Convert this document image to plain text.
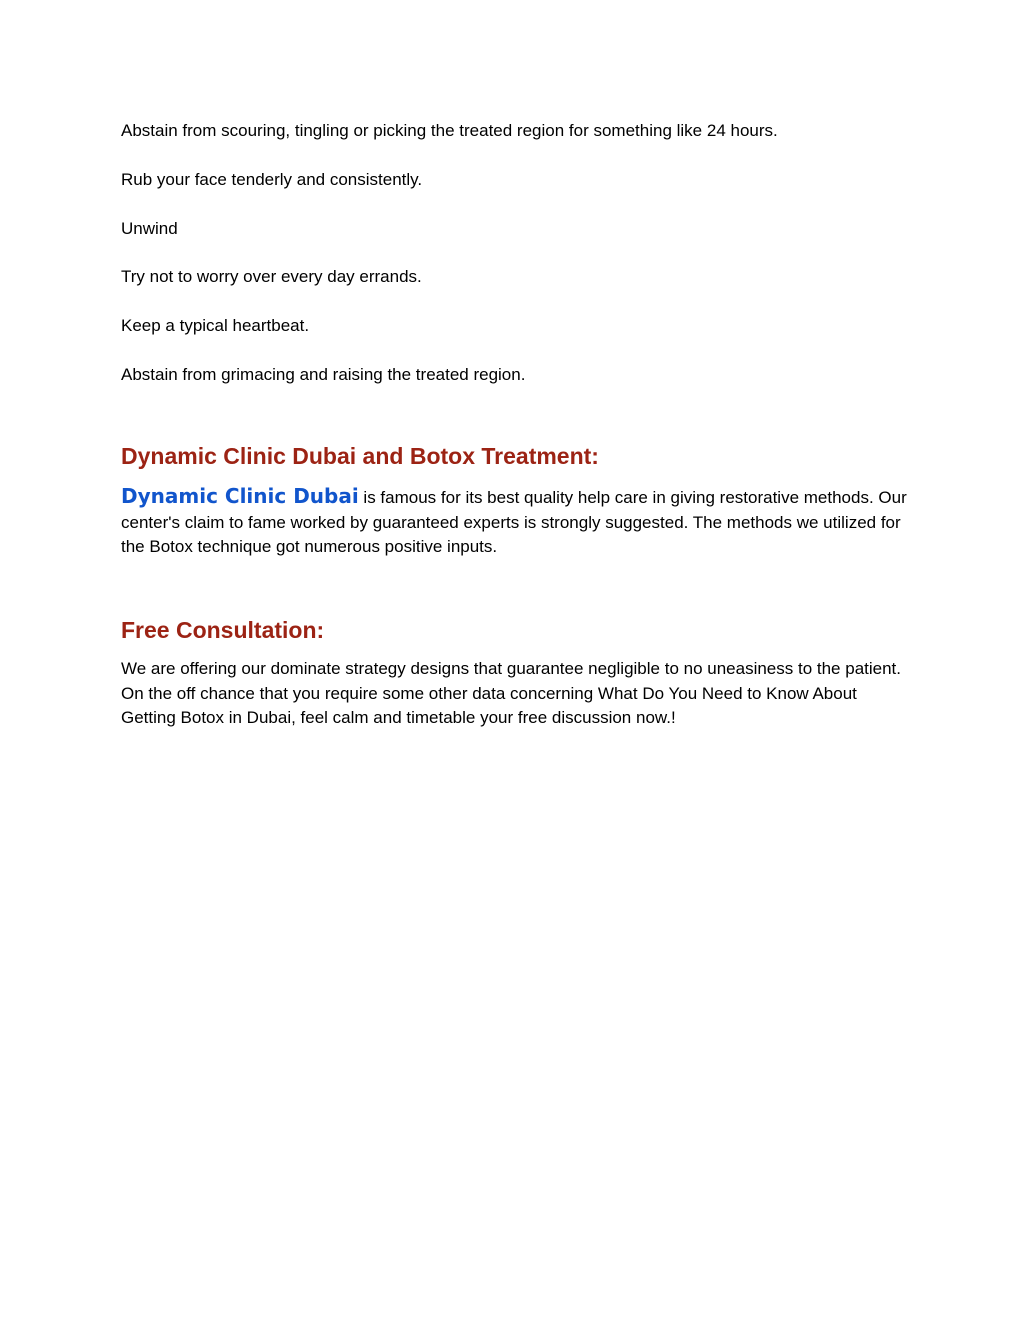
Abstain from scouring, tingling or picking the treated region for something like 24 hours.

Rub your face tenderly and consistently.

Unwind

Try not to worry over every day errands.

Keep a typical heartbeat.

Abstain from grimacing and raising the treated region.

Dynamic Clinic Dubai and Botox Treatment:

Dynamic Clinic Dubai is famous for its best quality help care in giving restorative methods. Our center's claim to fame worked by guaranteed experts is strongly suggested. The methods we utilized for the Botox technique got numerous positive inputs.

Free Consultation:

We are offering our dominate strategy designs that guarantee negligible to no uneasiness to the patient. On the off chance that you require some other data concerning What Do You Need to Know About Getting Botox in Dubai, feel calm and timetable your free discussion now.!
